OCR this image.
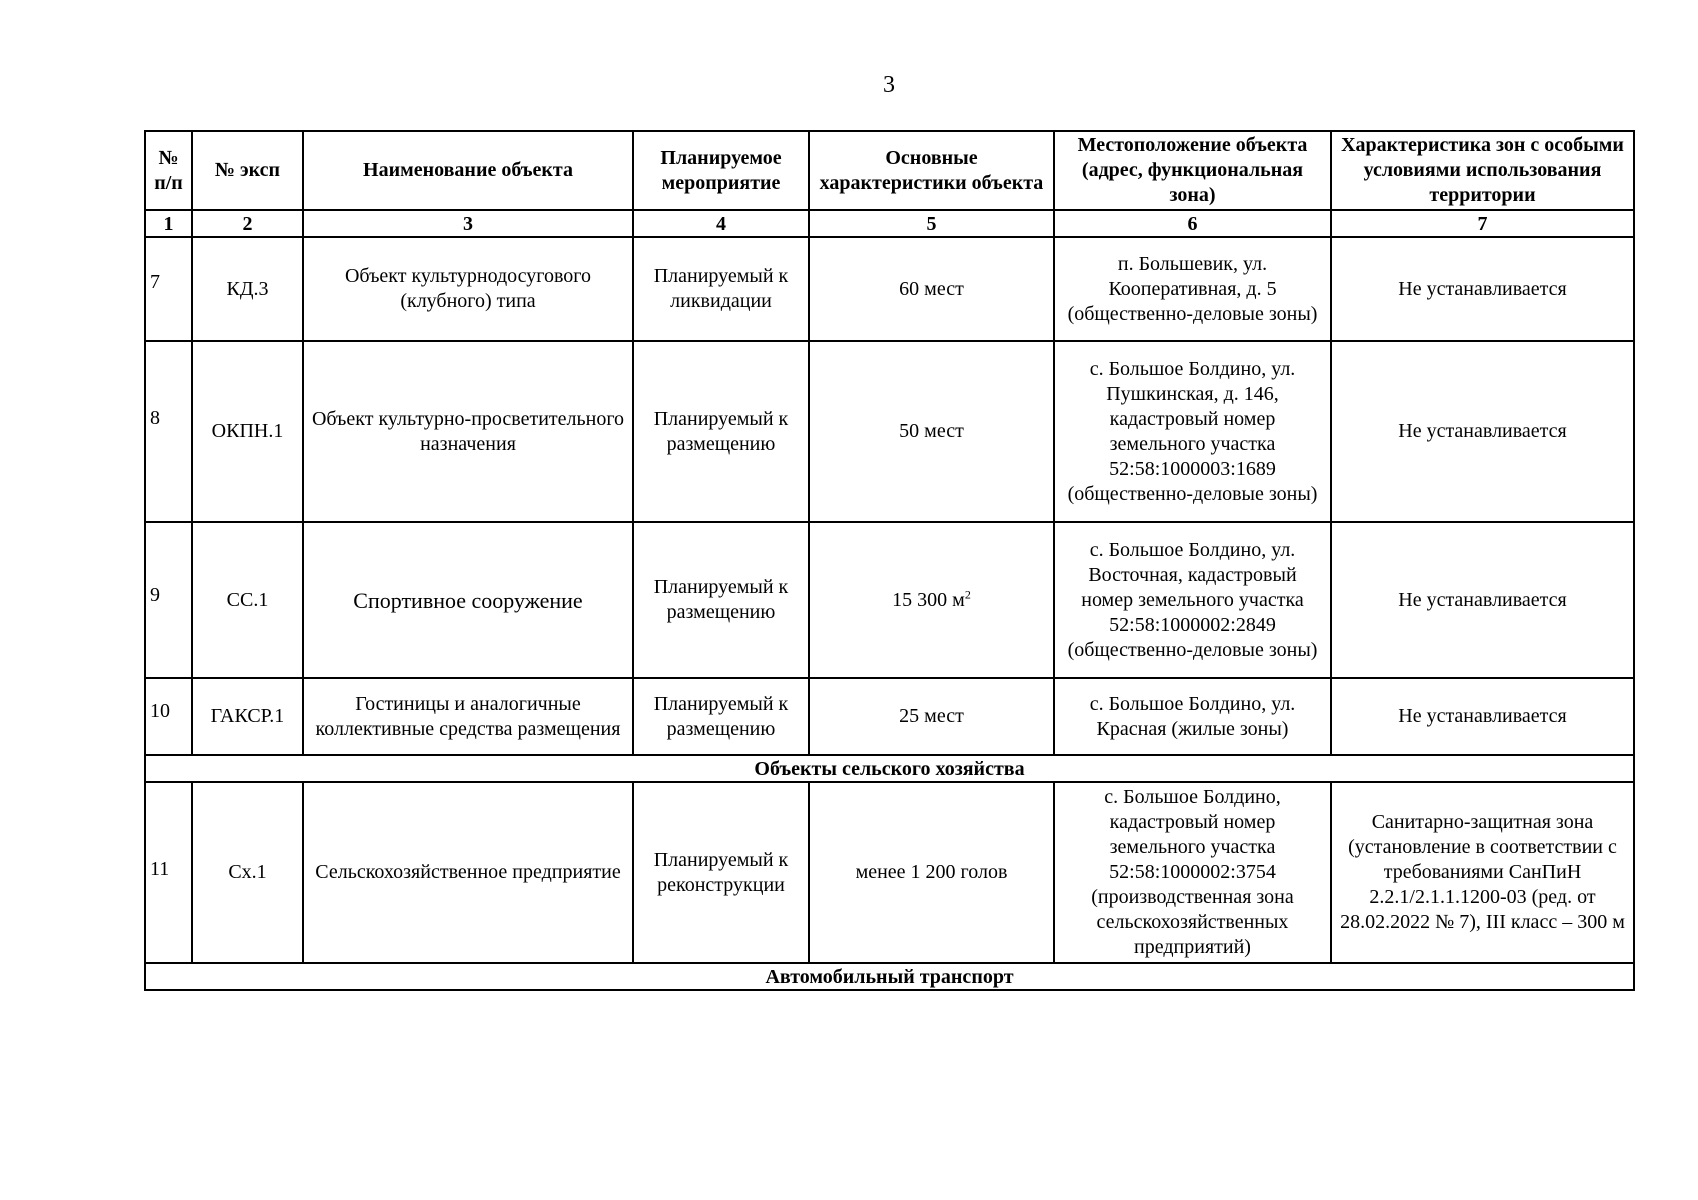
3
№ п/п	№ эксп	Наименование объекта	Планируемое мероприятие	Основные характеристики объекта	Местоположение объекта (адрес, функциональная зона)	Характеристика зон с особыми условиями использования территории
1	2	3	4	5	6	7
7	КД.3	Объект культурнодосугового (клубного) типа	Планируемый к ликвидации	60 мест	п. Большевик, ул. Кооперативная, д. 5 (общественно-деловые зоны)	Не устанавливается
8	ОКПН.1	Объект культурно-просветительного назначения	Планируемый к размещению	50 мест	с. Большое Болдино, ул. Пушкинская, д. 146, кадастровый номер земельного участка 52:58:1000003:1689 (общественно-деловые зоны)	Не устанавливается
9	СС.1	Спортивное сооружение	Планируемый к размещению	15 300 $м^2$	с. Большое Болдино, ул. Восточная, кадастровый номер земельного участка 52:58:1000002:2849 (общественно-деловые зоны)	Не устанавливается
10	ГАКСР.1	Гостиницы и аналогичные коллективные средства размещения	Планируемый к размещению	25 мест	с. Большое Болдино, ул. Красная (жилые зоны)	Не устанавливается
Объекты сельского хозяйства						
11	Сх.1	Сельскохозяйственное предприятие	Планируемый к реконструкции	менее 1 200 голов	с. Большое Болдино, кадастровый номер земельного участка 52:58:1000002:3754 (производственная зона сельскохозяйственных предприятий)	Санитарно-защитная зона (установление в соответствии с требованиями СанПиН 2.2.1/2.1.1.1200-03 (ред. от 28.02.2022 № 7), III класс – 300 м
Автомобильный транспорт						
